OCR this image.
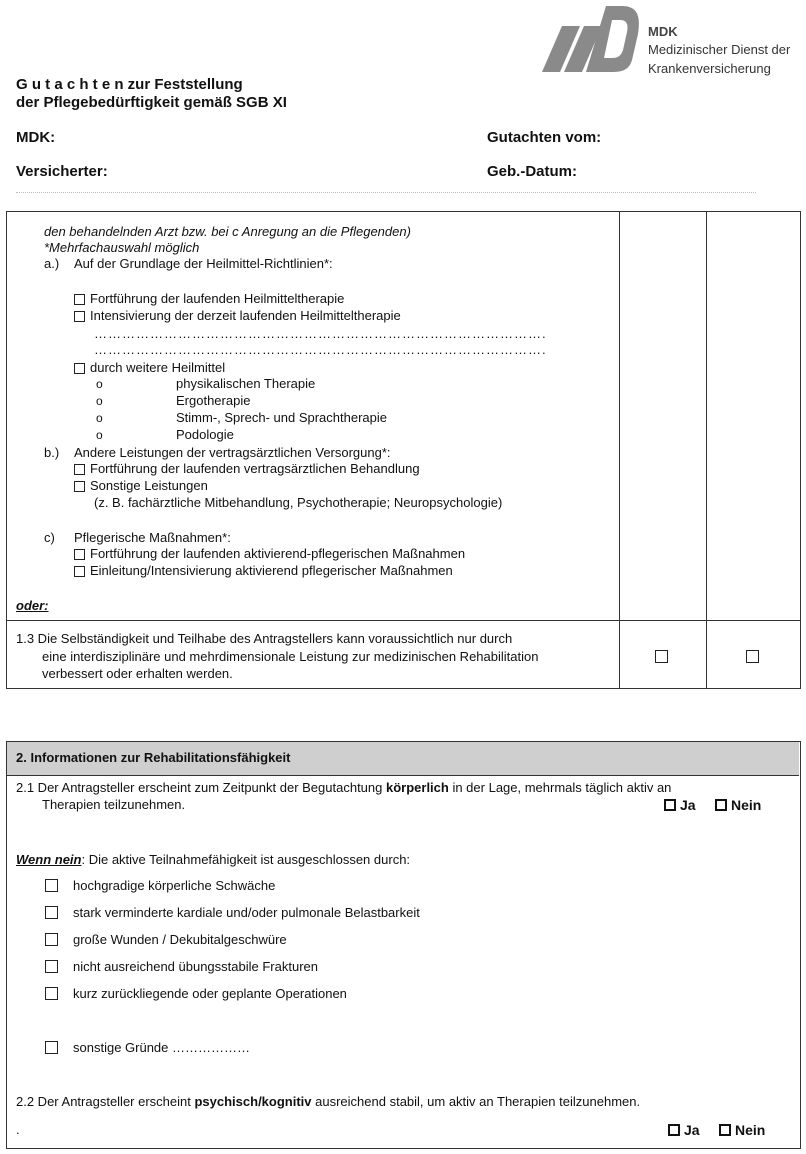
MDK
Medizinischer Dienst der
Krankenversicherung
G u t a c h t e n zur Feststellung
der Pflegebedürftigkeit gemäß SGB XI
MDK:	Gutachten vom:
Versicherter:	Geb.-Datum:
den behandelnden Arzt bzw. bei c Anregung an die Pflegenden)
*Mehrfachauswahl möglich
a.) Auf der Grundlage der Heilmittel-Richtlinien*:
Fortführung der laufenden Heilmitteltherapie
Intensivierung der derzeit laufenden Heilmitteltherapie
…………………………………………………………………………………….
…………………………………………………………………………………….
durch weitere Heilmittel
o	physikalischen Therapie
o	Ergotherapie
o	Stimm-, Sprech- und Sprachtherapie
o	Podologie
b.) Andere Leistungen der vertragsärztlichen Versorgung*:
Fortführung der laufenden vertragsärztlichen Behandlung
Sonstige Leistungen
(z. B. fachärztliche Mitbehandlung, Psychotherapie; Neuropsychologie)
c) Pflegerische Maßnahmen*:
Fortführung der laufenden aktivierend-pflegerischen Maßnahmen
Einleitung/Intensivierung aktivierend pflegerischer Maßnahmen
oder:
1.3 Die Selbständigkeit und Teilhabe des Antragstellers kann voraussichtlich nur durch
eine interdisziplinäre und mehrdimensionale Leistung zur medizinischen Rehabilitation
verbessert oder erhalten werden.
2. Informationen zur Rehabilitationsfähigkeit
2.1 Der Antragsteller erscheint zum Zeitpunkt der Begutachtung körperlich in der Lage, mehrmals täglich aktiv an
Therapien teilzunehmen.	Ja	Nein
Wenn nein: Die aktive Teilnahmefähigkeit ist ausgeschlossen durch:
hochgradige körperliche Schwäche
stark verminderte kardiale und/oder pulmonale Belastbarkeit
große Wunden / Dekubitalgeschwüre
nicht ausreichend übungsstabile Frakturen
kurz zurückliegende oder geplante Operationen
sonstige Gründe ………………
2.2 Der Antragsteller erscheint psychisch/kognitiv ausreichend stabil, um aktiv an Therapien teilzunehmen.
.	Ja	Nein
